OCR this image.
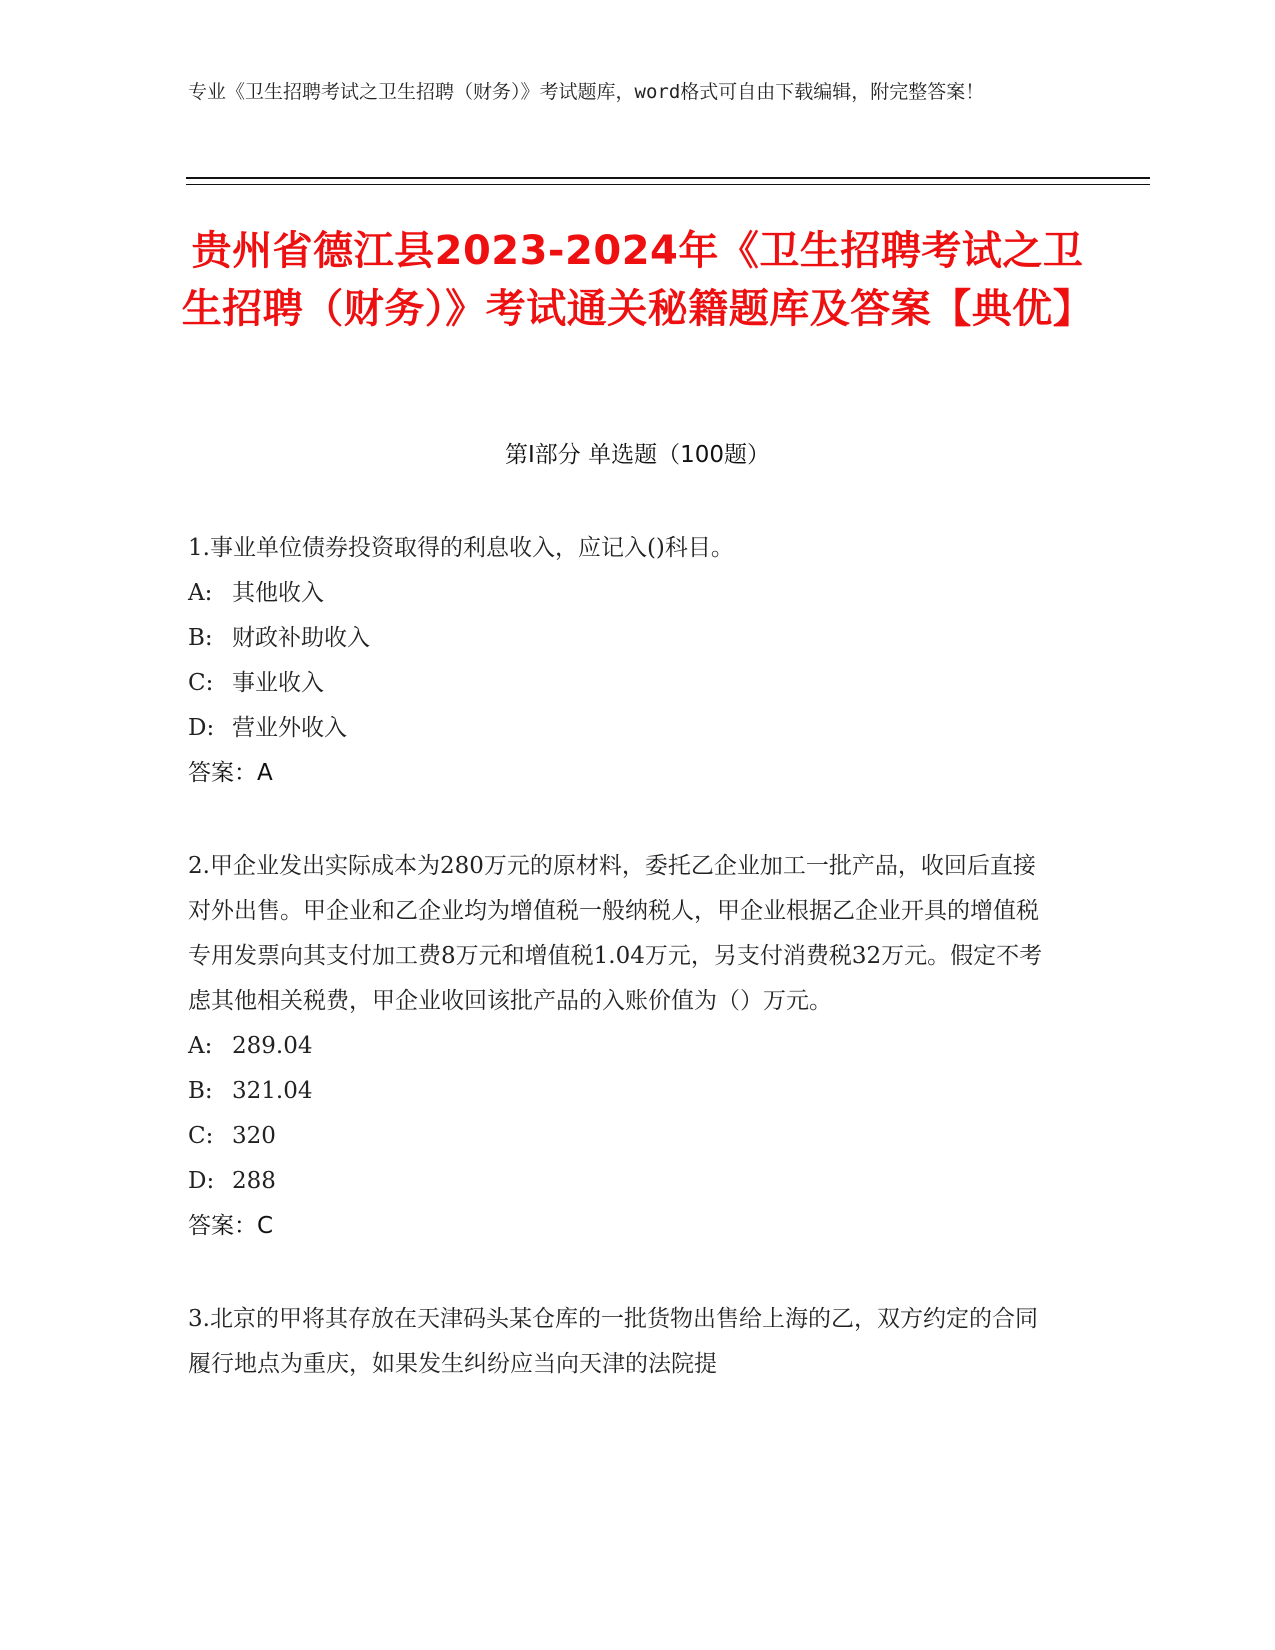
专业《卫生招聘考试之卫生招聘（财务）》考试题库，word格式可自由下载编辑，附完整答案！
贵州省德江县2023-2024年《卫生招聘考试之卫生招聘（财务）》考试通关秘籍题库及答案【典优】
第Ⅰ部分 单选题（100题）
1.事业单位债券投资取得的利息收入，应记入()科目。
A: 其他收入
B: 财政补助收入
C: 事业收入
D: 营业外收入
答案：A
2.甲企业发出实际成本为280万元的原材料，委托乙企业加工一批产品，收回后直接对外出售。甲企业和乙企业均为增值税一般纳税人，甲企业根据乙企业开具的增值税专用发票向其支付加工费8万元和增值税1.04万元，另支付消费税32万元。假定不考虑其他相关税费，甲企业收回该批产品的入账价值为（）万元。
A: 289.04
B: 321.04
C: 320
D: 288
答案：C
3.北京的甲将其存放在天津码头某仓库的一批货物出售给上海的乙，双方约定的合同履行地点为重庆，如果发生纠纷应当向天津的法院提
